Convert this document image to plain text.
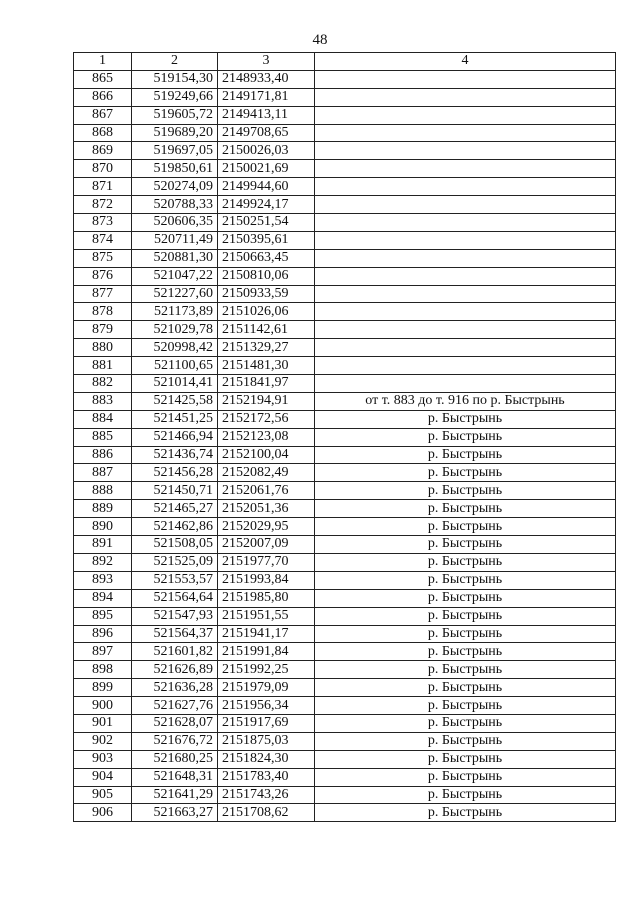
48
1	2	3	4
865	519154,30	2148933,40	
866	519249,66	2149171,81	
867	519605,72	2149413,11	
868	519689,20	2149708,65	
869	519697,05	2150026,03	
870	519850,61	2150021,69	
871	520274,09	2149944,60	
872	520788,33	2149924,17	
873	520606,35	2150251,54	
874	520711,49	2150395,61	
875	520881,30	2150663,45	
876	521047,22	2150810,06	
877	521227,60	2150933,59	
878	521173,89	2151026,06	
879	521029,78	2151142,61	
880	520998,42	2151329,27	
881	521100,65	2151481,30	
882	521014,41	2151841,97	
883	521425,58	2152194,91	от т. 883 до т. 916 по р. Быстрынь
884	521451,25	2152172,56	р. Быстрынь
885	521466,94	2152123,08	р. Быстрынь
886	521436,74	2152100,04	р. Быстрынь
887	521456,28	2152082,49	р. Быстрынь
888	521450,71	2152061,76	р. Быстрынь
889	521465,27	2152051,36	р. Быстрынь
890	521462,86	2152029,95	р. Быстрынь
891	521508,05	2152007,09	р. Быстрынь
892	521525,09	2151977,70	р. Быстрынь
893	521553,57	2151993,84	р. Быстрынь
894	521564,64	2151985,80	р. Быстрынь
895	521547,93	2151951,55	р. Быстрынь
896	521564,37	2151941,17	р. Быстрынь
897	521601,82	2151991,84	р. Быстрынь
898	521626,89	2151992,25	р. Быстрынь
899	521636,28	2151979,09	р. Быстрынь
900	521627,76	2151956,34	р. Быстрынь
901	521628,07	2151917,69	р. Быстрынь
902	521676,72	2151875,03	р. Быстрынь
903	521680,25	2151824,30	р. Быстрынь
904	521648,31	2151783,40	р. Быстрынь
905	521641,29	2151743,26	р. Быстрынь
906	521663,27	2151708,62	р. Быстрынь
